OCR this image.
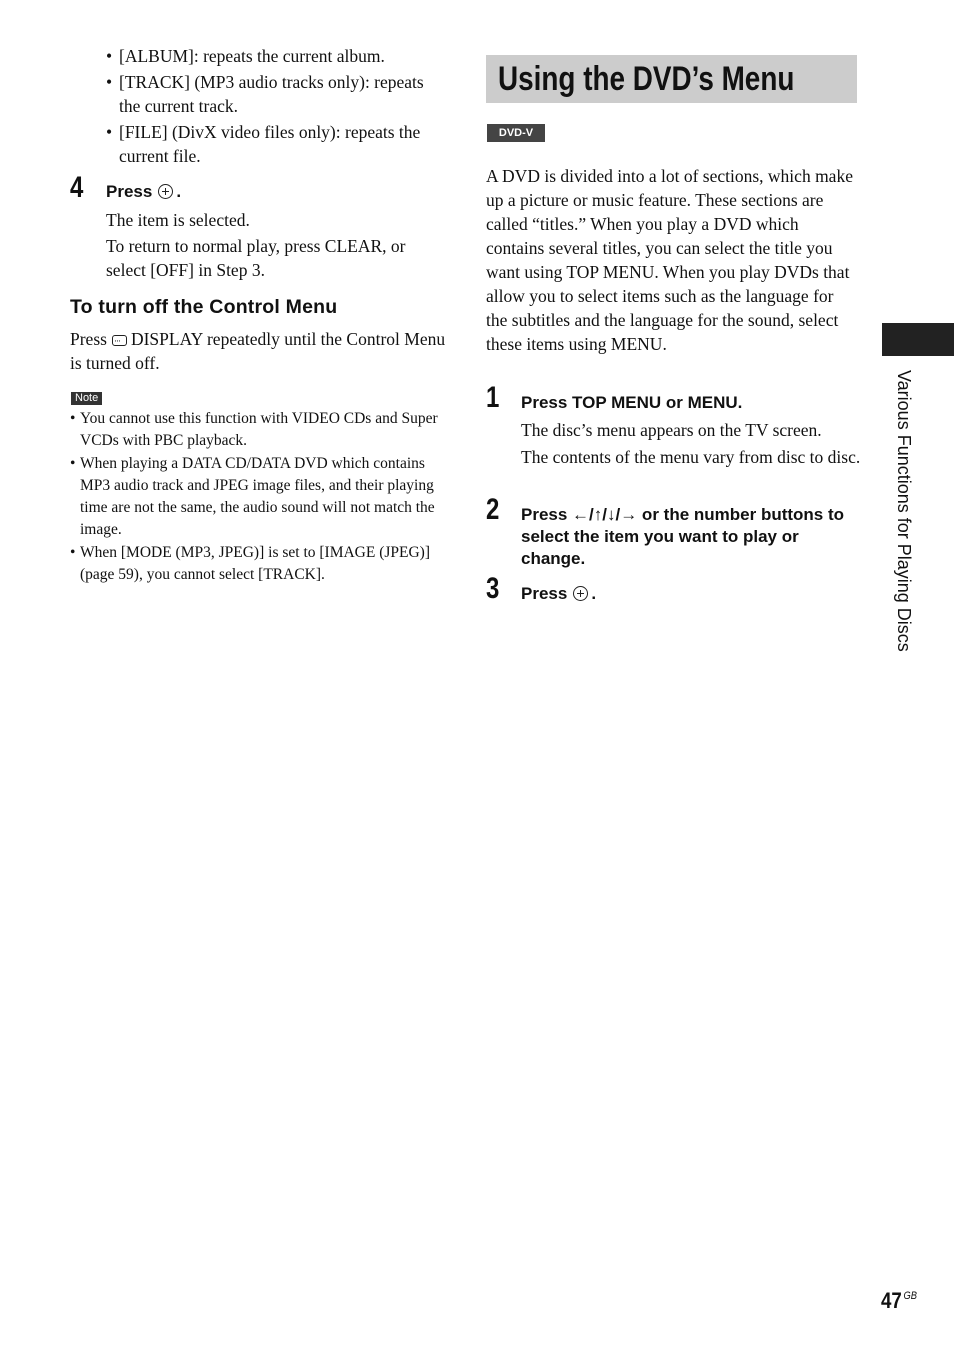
• [ALBUM]: repeats the current album.
• [TRACK] (MP3 audio tracks only): repeats the current track.
• [FILE] (DivX video files only): repeats the current file.
4 Press .
The item is selected.
To return to normal play, press CLEAR, or select [OFF] in Step 3.
To turn off the Control Menu
Press··· DISPLAY repeatedly until the Control Menu is turned off.
Note
• You cannot use this function with VIDEO CDs and Super VCDs with PBC playback.
• When playing a DATA CD/DATA DVD which contains MP3 audio track and JPEG image files, and their playing time are not the same, the audio sound will not match the image.
• When [MODE (MP3, JPEG)] is set to [IMAGE (JPEG)] (page 59), you cannot select [TRACK].
Using the DVD’s Menu
DVD-V
A DVD is divided into a lot of sections, which make up a picture or music feature. These sections are called “titles.” When you play a DVD which contains several titles, you can select the title you want using TOP MENU. When you play DVDs that allow you to select items such as the language for the subtitles and the language for the sound, select these items using MENU.
1 Press TOP MENU or MENU.
The disc’s menu appears on the TV screen.
The contents of the menu vary from disc to disc.
2 Press ←/↑/↓/→ or the number buttons to select the item you want to play or change.
3 Press .	Various Functions for Playing Discs
47 $^{GB}$
